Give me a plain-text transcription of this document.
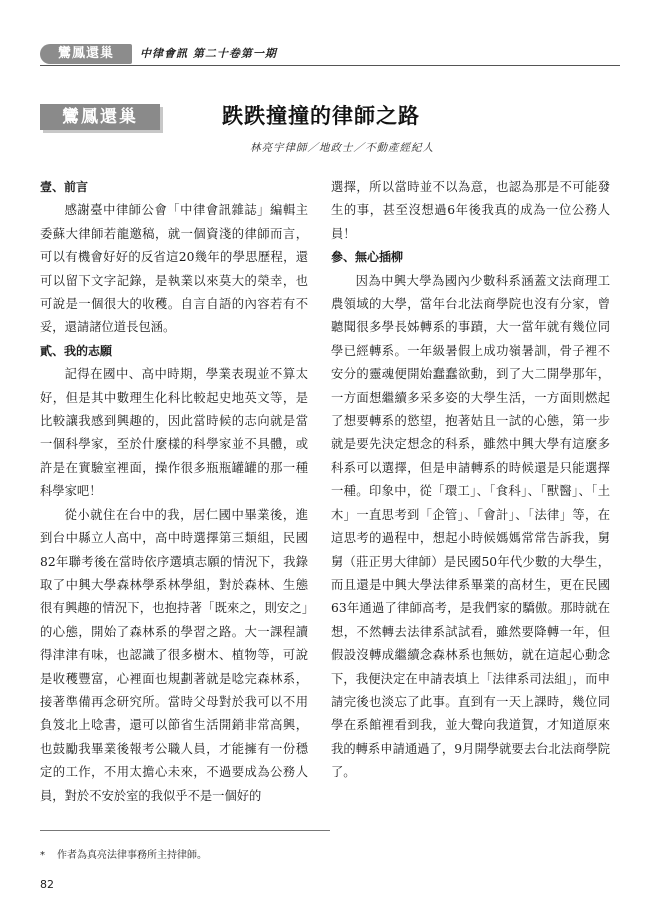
鸞鳳還巢	中律會訊 第二十卷第一期
鸞鳳還巢	跌跌撞撞的律師之路
林亮宇律師／地政士／不動產經紀人
壹、前言

感謝臺中律師公會「中律會訊雜誌」編輯主委蘇大律師若龍邀稿，就一個資淺的律師而言，可以有機會好好的反省這20幾年的學思歷程，還可以留下文字記錄，是執業以來莫大的榮幸，也可說是一個很大的收穫。自言自語的內容若有不妥，還請諸位道長包涵。

貳、我的志願

記得在國中、高中時期，學業表現並不算太好，但是其中數理生化科比較起史地英文等，是比較讓我感到興趣的，因此當時候的志向就是當一個科學家，至於什麼樣的科學家並不具體，或許是在實驗室裡面，操作很多瓶瓶罐罐的那一種科學家吧！

從小就住在台中的我，居仁國中畢業後，進到台中縣立人高中，高中時選擇第三類組，民國82年聯考後在當時依序選填志願的情況下，我錄取了中興大學森林學系林學組，對於森林、生態很有興趣的情況下，也抱持著「既來之，則安之」的心態，開始了森林系的學習之路。大一課程讀得津津有味，也認識了很多樹木、植物等，可說是收穫豐富，心裡面也規劃著就是唸完森林系，接著準備再念研究所。當時父母對於我可以不用負笈北上唸書，還可以節省生活開銷非常高興，也鼓勵我畢業後報考公職人員，才能擁有一份穩定的工作，不用太擔心未來，不過要成為公務人員，對於不安於室的我似乎不是一個好的

選擇，所以當時並不以為意，也認為那是不可能發生的事，甚至沒想過6年後我真的成為一位公務人員！

參、無心插柳

因為中興大學為國內少數科系涵蓋文法商理工農領域的大學，當年台北法商學院也沒有分家，曾聽聞很多學長姊轉系的事蹟，大一當年就有幾位同學已經轉系。一年級暑假上成功嶺暑訓，骨子裡不安分的靈魂便開始蠢蠢欲動，到了大二開學那年，一方面想繼續多采多姿的大學生活，一方面則燃起了想要轉系的慾望，抱著姑且一試的心態，第一步就是要先決定想念的科系，雖然中興大學有這麼多科系可以選擇，但是申請轉系的時候還是只能選擇一種。印象中，從「環工」、「食科」、「獸醫」、「土木」一直思考到「企管」、「會計」、「法律」等，在這思考的過程中，想起小時候媽媽常常告訴我，舅舅（莊正男大律師）是民國50年代少數的大學生，而且還是中興大學法律系畢業的高材生，更在民國63年通過了律師高考，是我們家的驕傲。那時就在想，不然轉去法律系試試看，雖然要降轉一年，但假設沒轉成繼續念森林系也無妨，就在這起心動念下，我便決定在申請表填上「法律系司法組」，而申請完後也淡忘了此事。直到有一天上課時，幾位同學在系館裡看到我，並大聲向我道賀，才知道原來我的轉系申請通過了，9月開學就要去台北法商學院了。

* 作者為真亮法律事務所主持律師。
82
